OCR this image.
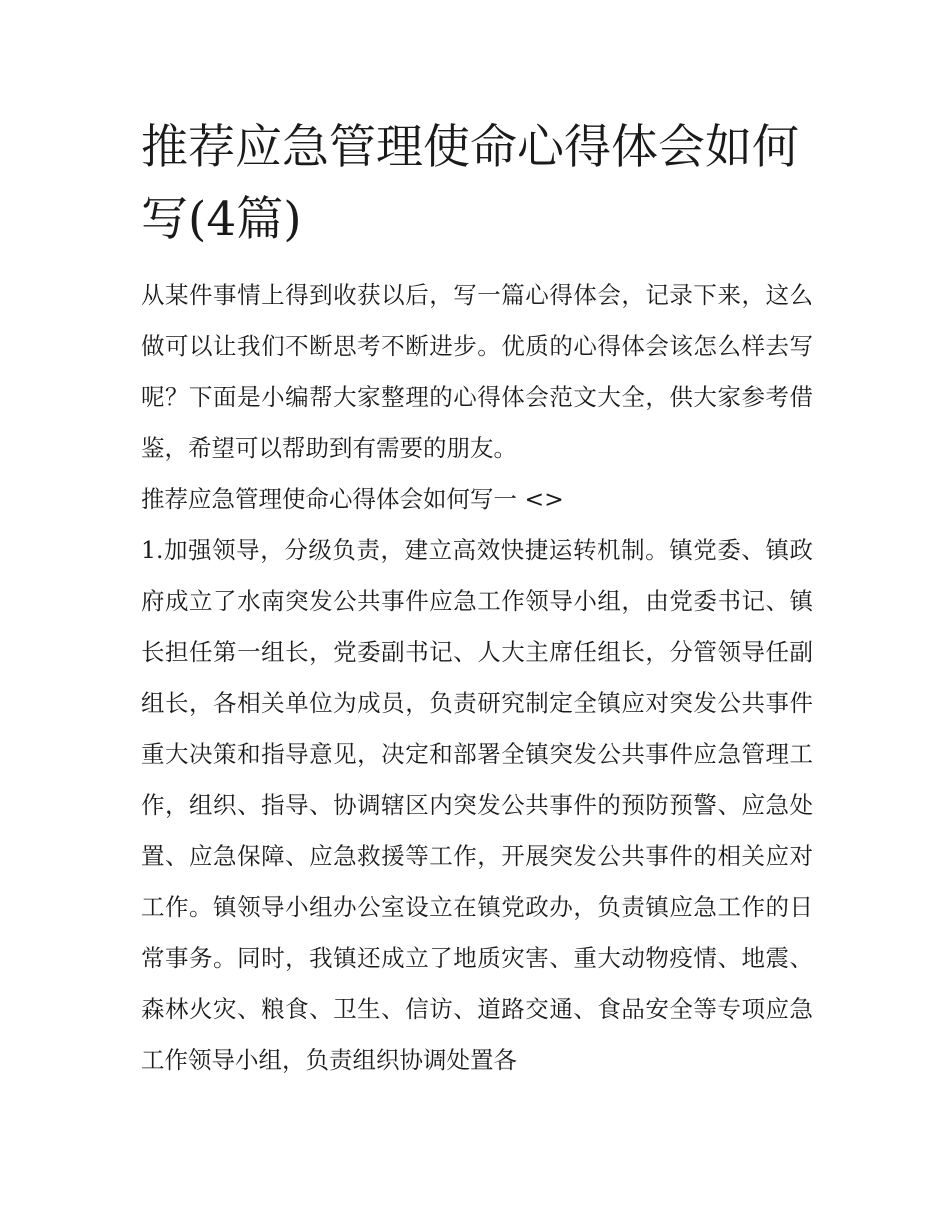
推荐应急管理使命心得体会如何写(4篇)

从某件事情上得到收获以后，写一篇心得体会，记录下来，这么做可以让我们不断思考不断进步。优质的心得体会该怎么样去写呢？下面是小编帮大家整理的心得体会范文大全，供大家参考借鉴，希望可以帮助到有需要的朋友。

推荐应急管理使命心得体会如何写一 <>

1.加强领导，分级负责，建立高效快捷运转机制。镇党委、镇政府成立了水南突发公共事件应急工作领导小组，由党委书记、镇长担任第一组长，党委副书记、人大主席任组长，分管领导任副组长，各相关单位为成员，负责研究制定全镇应对突发公共事件重大决策和指导意见，决定和部署全镇突发公共事件应急管理工作，组织、指导、协调辖区内突发公共事件的预防预警、应急处置、应急保障、应急救援等工作，开展突发公共事件的相关应对工作。镇领导小组办公室设立在镇党政办，负责镇应急工作的日常事务。同时，我镇还成立了地质灾害、重大动物疫情、地震、森林火灾、粮食、卫生、信访、道路交通、食品安全等专项应急工作领导小组，负责组织协调处置各
